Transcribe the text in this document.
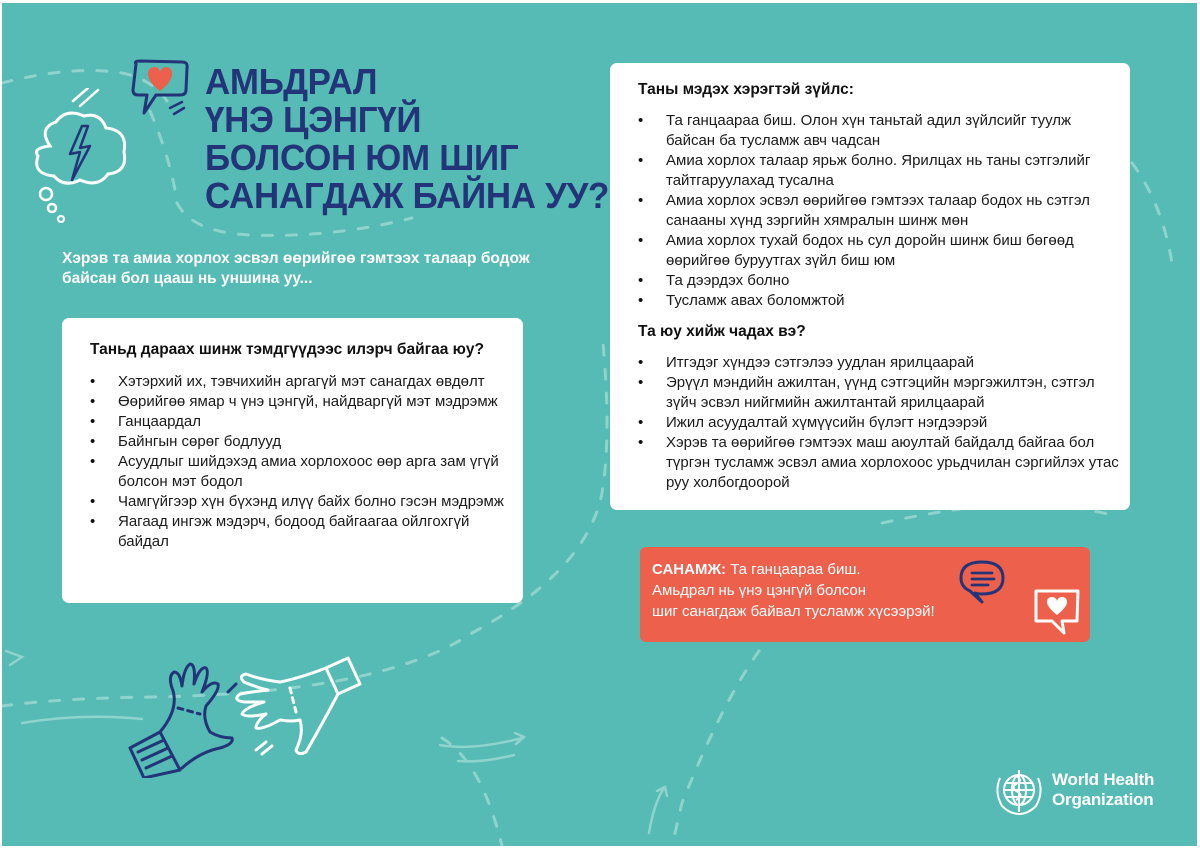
АМЬДРАЛ
ҮНЭ ЦЭНГҮЙ
БОЛСОН ЮМ ШИГ
САНАГДАЖ БАЙНА УУ?

Хэрэв та амиа хорлох эсвэл өөрийгөө гэмтээх талаар бодож байсан бол цааш нь уншина уу...

Таньд дараах шинж тэмдгүүдээс илэрч байгаа юу?
• Хэтэрхий их, тэвчихийн аргагүй мэт санагдах өвдөлт
• Өөрийгөө ямар ч үнэ цэнгүй, найдваргүй мэт мэдрэмж
• Ганцаардал
• Байнгын сөрөг бодлууд
• Асуудлыг шийдэхэд амиа хорлохоос өөр арга зам үгүй болсон мэт бодол
• Чамгүйгээр хүн бүхэнд илүү байх болно гэсэн мэдрэмж
• Яагаад ингэж мэдэрч, бодоод байгаагаа ойлгохгүй байдал
Таны мэдэх хэрэгтэй зүйлс:
• Та ганцаараа биш. Олон хүн таньтай адил зүйлсийг туулж байсан ба тусламж авч чадсан
• Амиа хорлох талаар ярьж болно. Ярилцах нь таны сэтгэлийг тайтгаруулахад тусална
• Амиа хорлох эсвэл өөрийгөө гэмтээх талаар бодох нь сэтгэл санааны хүнд зэргийн хямралын шинж мөн
• Амиа хорлох тухай бодох нь сул доройн шинж биш бөгөөд өөрийгөө буруутгах зүйл биш юм
• Та дээрдэх болно
• Тусламж авах боломжтой
Та юу хийж чадах вэ?
• Итгэдэг хүндээ сэтгэлээ уудлан ярилцаарай
• Эрүүл мэндийн ажилтан, үүнд сэтгэцийн мэргэжилтэн, сэтгэл зүйч эсвэл нийгмийн ажилтантай ярилцаарай
• Ижил асуудалтай хүмүүсийн бүлэгт нэгдээрэй
• Хэрэв та өөрийгөө гэмтээх маш аюултай байдалд байгаа бол түргэн тусламж эсвэл амиа хорлохоос урьдчилан сэргийлэх утас руу холбогдоорой
САНАМЖ: Та ганцаараа биш.
Амьдрал нь үнэ цэнгүй болсон
шиг санагдаж байвал тусламж хүсээрэй!
World Health
Organization
